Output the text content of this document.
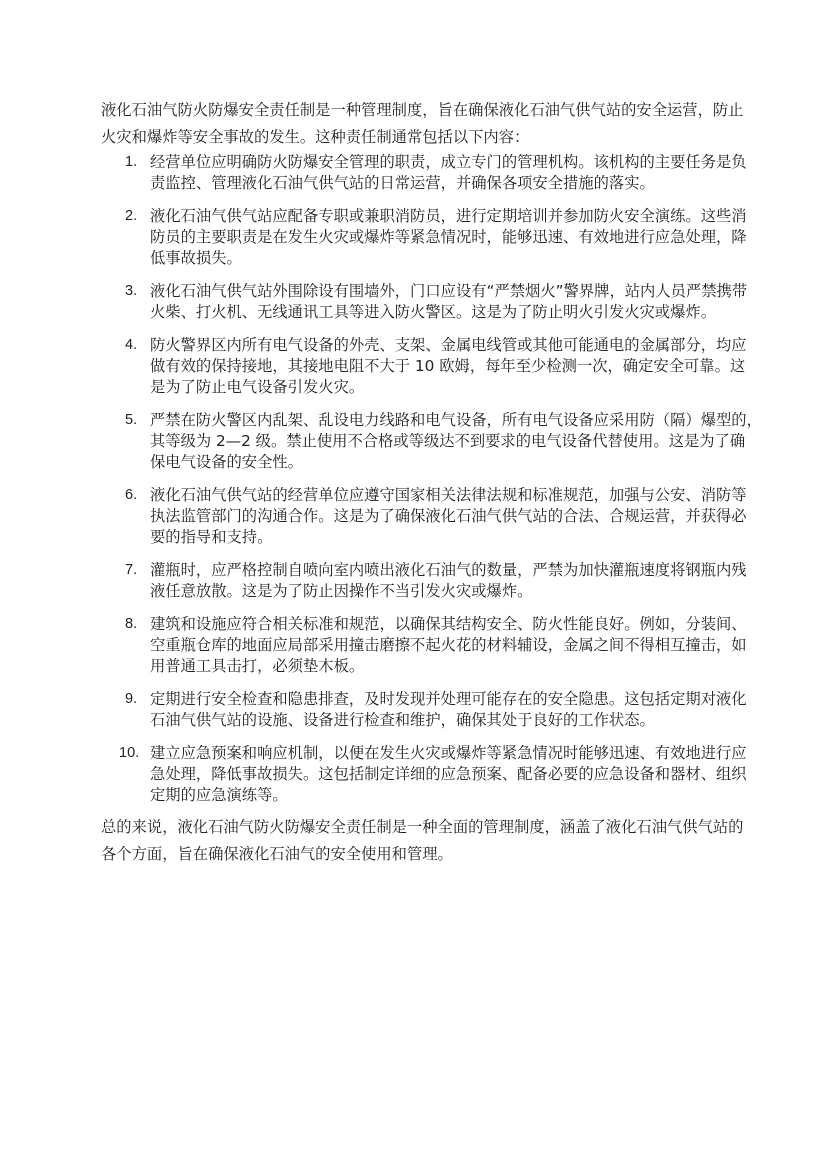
液化石油气防火防爆安全责任制是一种管理制度，旨在确保液化石油气供气站的安全运营，防止
火灾和爆炸等安全事故的发生。这种责任制通常包括以下内容：
1. 经营单位应明确防火防爆安全管理的职责，成立专门的管理机构。该机构的主要任务是负
责监控、管理液化石油气供气站的日常运营，并确保各项安全措施的落实。
2. 液化石油气供气站应配备专职或兼职消防员，进行定期培训并参加防火安全演练。这些消
防员的主要职责是在发生火灾或爆炸等紧急情况时，能够迅速、有效地进行应急处理，降
低事故损失。
3. 液化石油气供气站外围除设有围墙外，门口应设有“严禁烟火”警界牌，站内人员严禁携带
火柴、打火机、无线通讯工具等进入防火警区。这是为了防止明火引发火灾或爆炸。
4. 防火警界区内所有电气设备的外壳、支架、金属电线管或其他可能通电的金属部分，均应
做有效的保持接地，其接地电阻不大于 10 欧姆，每年至少检测一次，确定安全可靠。这
是为了防止电气设备引发火灾。
5. 严禁在防火警区内乱架、乱设电力线路和电气设备，所有电气设备应采用防（隔）爆型的，
其等级为 2—2 级。禁止使用不合格或等级达不到要求的电气设备代替使用。这是为了确
保电气设备的安全性。
6. 液化石油气供气站的经营单位应遵守国家相关法律法规和标准规范，加强与公安、消防等
执法监管部门的沟通合作。这是为了确保液化石油气供气站的合法、合规运营，并获得必
要的指导和支持。
7. 灌瓶时，应严格控制自喷向室内喷出液化石油气的数量，严禁为加快灌瓶速度将钢瓶内残
液任意放散。这是为了防止因操作不当引发火灾或爆炸。
8. 建筑和设施应符合相关标准和规范，以确保其结构安全、防火性能良好。例如，分装间、
空重瓶仓库的地面应局部采用撞击磨擦不起火花的材料辅设，金属之间不得相互撞击，如
用普通工具击打，必须垫木板。
9. 定期进行安全检查和隐患排查，及时发现并处理可能存在的安全隐患。这包括定期对液化
石油气供气站的设施、设备进行检查和维护，确保其处于良好的工作状态。
10. 建立应急预案和响应机制，以便在发生火灾或爆炸等紧急情况时能够迅速、有效地进行应
急处理，降低事故损失。这包括制定详细的应急预案、配备必要的应急设备和器材、组织
定期的应急演练等。
总的来说，液化石油气防火防爆安全责任制是一种全面的管理制度，涵盖了液化石油气供气站的
各个方面，旨在确保液化石油气的安全使用和管理。
